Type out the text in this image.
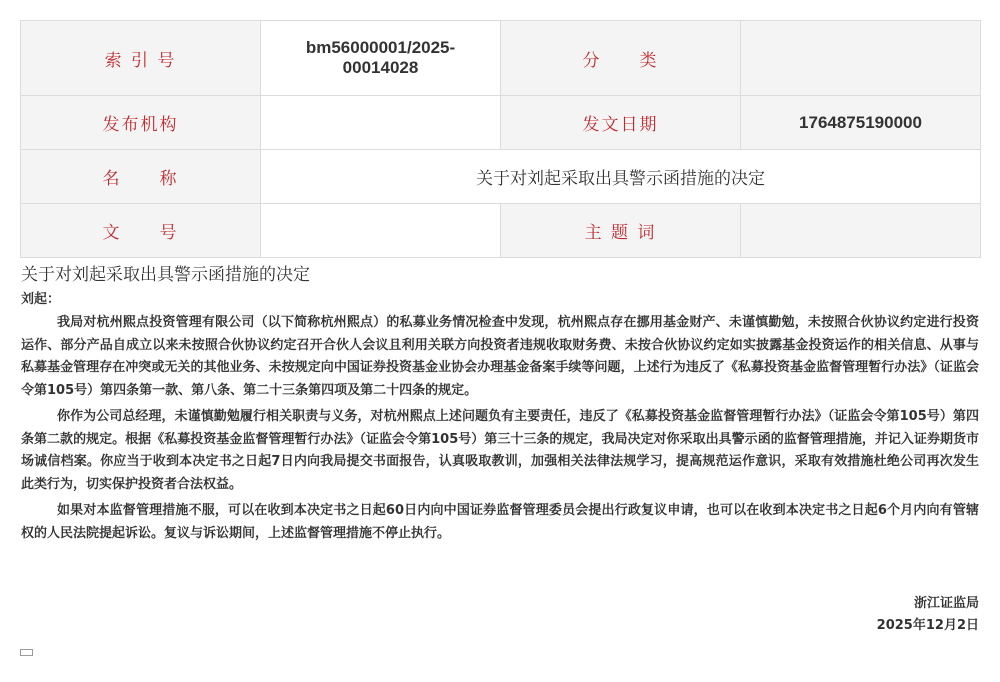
索 引 号	bm56000001/2025-00014028	分　　类	
发布机构		发文日期	1764875190000
名　　称	关于对刘起采取出具警示函措施的决定		
文　　号		主 题 词	
关于对刘起采取出具警示函措施的决定
刘起：

我局对杭州熙点投资管理有限公司（以下简称杭州熙点）的私募业务情况检查中发现，杭州熙点存在挪用基金财产、未谨慎勤勉，未按照合伙协议约定进行投资运作、部分产品自成立以来未按照合伙协议约定召开合伙人会议且利用关联方向投资者违规收取财务费、未按合伙协议约定如实披露基金投资运作的相关信息、从事与私募基金管理存在冲突或无关的其他业务、未按规定向中国证券投资基金业协会办理基金备案手续等问题，上述行为违反了《私募投资基金监督管理暂行办法》（证监会令第105号）第四条第一款、第八条、第二十三条第四项及第二十四条的规定。

你作为公司总经理，未谨慎勤勉履行相关职责与义务，对杭州熙点上述问题负有主要责任，违反了《私募投资基金监督管理暂行办法》（证监会令第105号）第四条第二款的规定。根据《私募投资基金监督管理暂行办法》（证监会令第105号）第三十三条的规定，我局决定对你采取出具警示函的监督管理措施，并记入证券期货市场诚信档案。你应当于收到本决定书之日起7日内向我局提交书面报告，认真吸取教训，加强相关法律法规学习，提高规范运作意识，采取有效措施杜绝公司再次发生此类行为，切实保护投资者合法权益。

如果对本监督管理措施不服，可以在收到本决定书之日起60日内向中国证券监督管理委员会提出行政复议申请，也可以在收到本决定书之日起6个月内向有管辖权的人民法院提起诉讼。复议与诉讼期间，上述监督管理措施不停止执行。

浙江证监局
2025年12月2日
